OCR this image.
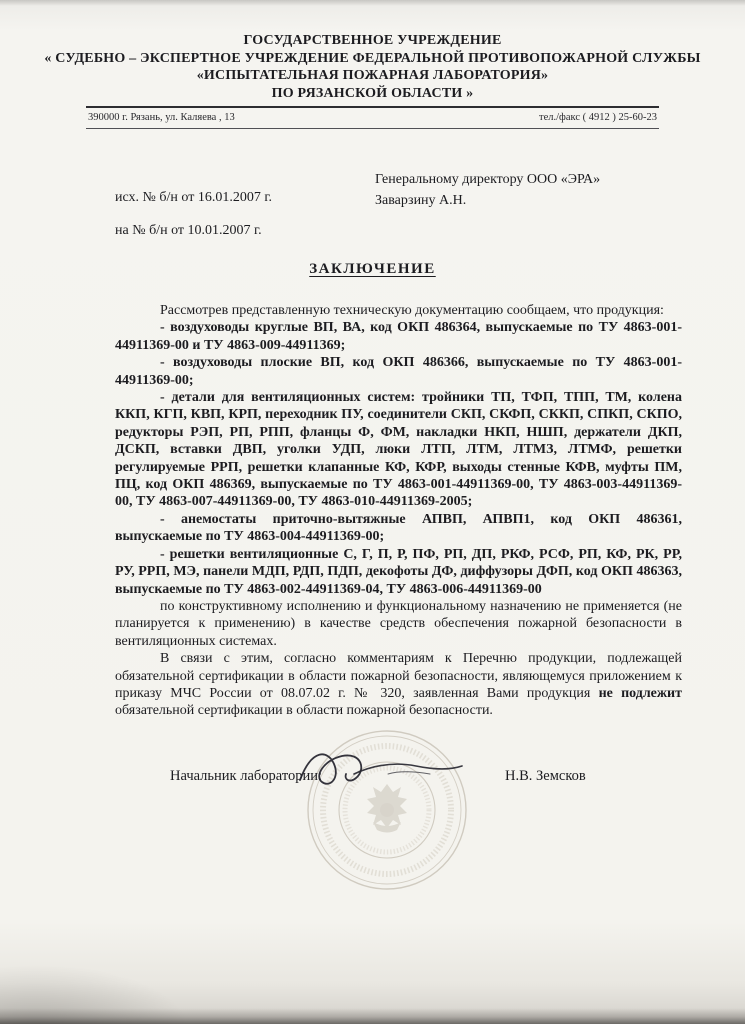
ГОСУДАРСТВЕННОЕ УЧРЕЖДЕНИЕ
« СУДЕБНО – ЭКСПЕРТНОЕ УЧРЕЖДЕНИЕ ФЕДЕРАЛЬНОЙ ПРОТИВОПОЖАРНОЙ СЛУЖБЫ
«ИСПЫТАТЕЛЬНАЯ ПОЖАРНАЯ ЛАБОРАТОРИЯ»
ПО РЯЗАНСКОЙ ОБЛАСТИ »
390000 г. Рязань, ул. Каляева , 13	тел./факс ( 4912 ) 25-60-23
Генеральному директору ООО «ЭРА»
Заварзину А.Н.
исх. № б/н от 16.01.2007 г.
на № б/н от 10.01.2007 г.
ЗАКЛЮЧЕНИЕ

Рассмотрев представленную техническую документацию сообщаем, что продукция:

- воздуховоды круглые ВП, ВА, код ОКП 486364, выпускаемые по ТУ 4863-001-44911369-00 и ТУ 4863-009-44911369;

- воздуховоды плоские ВП, код ОКП 486366, выпускаемые по ТУ 4863-001-44911369-00;

- детали для вентиляционных систем: тройники ТП, ТФП, ТПП, ТМ, колена ККП, КГП, КВП, КРП, переходник ПУ, соединители СКП, СКФП, СККП, СПКП, СКПО, редукторы РЭП, РП, РПП, фланцы Ф, ФМ, накладки НКП, НШП, держатели ДКП, ДСКП, вставки ДВП, уголки УДП, люки ЛТП, ЛТМ, ЛТМЗ, ЛТМФ, решетки регулируемые РРП, решетки клапанные КФ, КФР, выходы стенные КФВ, муфты ПМ, ПЦ, код ОКП 486369, выпускаемые по ТУ 4863-001-44911369-00, ТУ 4863-003-44911369-00, ТУ 4863-007-44911369-00, ТУ 4863-010-44911369-2005;

- анемостаты приточно-вытяжные АПВП, АПВП1, код ОКП 486361, выпускаемые по ТУ 4863-004-44911369-00;

- решетки вентиляционные С, Г, П, Р, ПФ, РП, ДП, РКФ, РСФ, РП, КФ, РК, РР, РУ, РРП, МЭ, панели МДП, РДП, ПДП, декофоты ДФ, диффузоры ДФП, код ОКП 486363, выпускаемые по ТУ 4863-002-44911369-04, ТУ 4863-006-44911369-00

по конструктивному исполнению и функциональному назначению не применяется (не планируется к применению) в качестве средств обеспечения пожарной безопасности в вентиляционных системах.

В связи с этим, согласно комментариям к Перечню продукции, подлежащей обязательной сертификации в области пожарной безопасности, являющемуся приложением к приказу МЧС России от 08.07.02 г. № 320, заявленная Вами продукция не подлежит обязательной сертификации в области пожарной безопасности.

Начальник лаборатории:	Н.В. Земсков
